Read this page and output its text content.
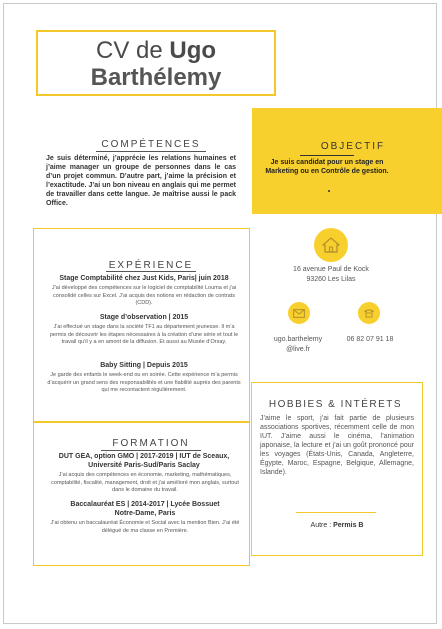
CV de Ugo
Barthélemy
OBJECTIF
Je suis candidat pour un stage en Marketing ou en Contrôle de gestion.
COMPÉTENCES
Je suis déterminé, j’apprécie les relations humaines et j’aime manager un groupe de personnes dans le cas d’un projet commun. D’autre part, j’aime la précision et l’exactitude. J’ai un bon niveau en anglais qui me permet de travailler dans cette langue. Je maîtrise aussi le pack Office.
EXPÉRIENCE
Stage Comptabilité chez Just Kids, Paris| juin 2018
J’ai développé des compétences sur le logiciel de comptabilité Louma et j’ai consolidé celles sur Excel. J’ai acquis des notions en rédaction de contrats (CDD).
Stage d’observation | 2015
J’ai effectué un stage dans la société TF1 au département jeunesse. Il m’a permis de découvrir les étapes nécessaires à la création d’une série et tout le travail qu’il y a en amont de la diffusion. Et aussi au Musée d’Orsay.
Baby Sitting | Depuis 2015
Je garde des enfants le week-end ou en soirée. Cette expérience m’a permis d’acquérir un grand sens des responsabilités et une fiabilité auprès des parents qui me recontactent régulièrement.
FORMATION
DUT GEA, option GMO | 2017-2019 | IUT de Sceaux, Université Paris-Sud/Paris Saclay
J’ai acquis des compétences en économie, marketing, mathématiques, comptabilité, fiscalité, management, droit et j’ai amélioré mon anglais, surtout dans le domaine du travail.
Baccalauréat ES | 2014-2017 | Lycée Bossuet Notre-Dame, Paris
J’ai obtenu un baccalauréat Économie et Social avec la mention Bien. J’ai été délégué de ma classe en Première.
16 avenue Paul de Kock
93260 Les Lilas
ugo.barthelemy
@live.fr
06 82 07 91 18
HOBBIES & INTÉRETS
J’aime le sport, j’ai fait partie de plusieurs associations sportives, récemment celle de mon IUT. J’aime aussi le cinéma, l’animation japonaise, la lecture et j’ai un goût prononcé pour les voyages (États-Unis, Canada, Angleterre, Égypte, Maroc, Espagne, Belgique, Allemagne, Islande).
Autre : Permis B
